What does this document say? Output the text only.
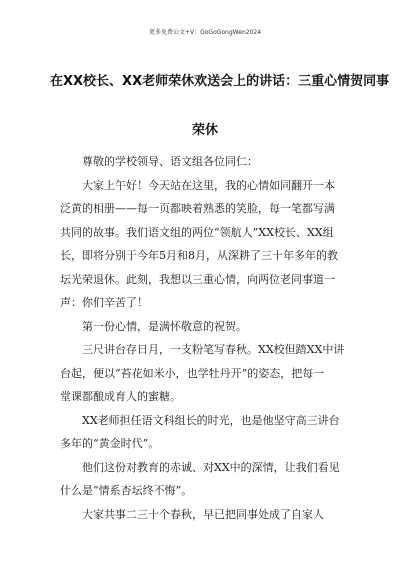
更多免费公文+V：GoGoGongWen2024
在XX校长、XX老师荣休欢送会上的讲话：三重心情贺同事
荣休

尊敬的学校领导、语文组各位同仁：

大家上午好！今天站在这里，我的心情如同翻开一本

泛黄的相册——每一页都映着熟悉的笑脸，每一笔都写满

共同的故事。我们语文组的两位“领航人”XX校长、XX组

长，即将分别于今年5月和8月，从深耕了三十年多年的教

坛光荣退休。此刻，我想以三重心情，向两位老同事道一

声：你们辛苦了！

第一份心情，是满怀敬意的祝贺。

三尺讲台存日月，一支粉笔写春秋。XX校但踏XX中讲

台起，便以“苔花如米小，也学牡丹开”的姿态，把每一

堂课都酿成育人的蜜糖。

XX老师担任语文科组长的时光，也是他坚守高三讲台

多年的“黄金时代”。

他们这份对教育的赤诚、对XX中的深情，让我们看见

什么是“情系杏坛终不悔”。

大家共事二三十个春秋，早已把同事处成了自家人
